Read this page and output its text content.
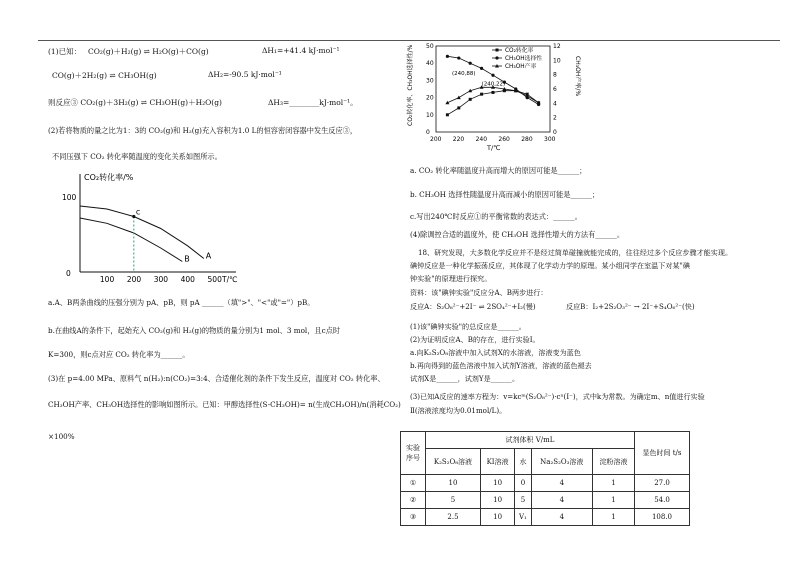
(1)已知： CO₂(g)＋H₂(g) ⇌ H₂O(g)＋CO(g)	ΔH₁=+41.4 kJ·mol⁻¹
CO(g)＋2H₂(g) ⇌ CH₃OH(g)	ΔH₂=-90.5 kJ·mol⁻¹
则反应③ CO₂(g)＋3H₂(g) ⇌ CH₃OH(g)＋H₂O(g)	ΔH₃=________kJ·mol⁻¹。
(2)若将物质的量之比为1：3的 CO₂(g)和 H₂(g)充入容积为1.0 L的恒容密闭容器中发生反应③，
不同压强下 CO₂ 转化率随温度的变化关系如图所示。
CO₂转化率/%
T/℃
0
100 200 300 400 500
100
A
B
c
a.A、B两条曲线的压强分别为 pA、pB，则 pA ______（填">"、"<"或"="）pB。
b.在曲线A的条件下，起始充入 CO₂(g)和 H₂(g)的物质的量分别为1 mol、3 mol，且c点时
K=300，则c点对应 CO₂ 转化率为______。
(3)在 p=4.00 MPa、原料气 n(H₂):n(CO₂)=3:4、合适催化剂的条件下发生反应，温度对 CO₂ 转化率、
CH₃OH产率、CH₃OH选择性的影响如图所示。已知：甲醇选择性(S-CH₃OH)= n(生成CH₃OH)/n(消耗CO₂)
×100%
200 220 240 260 280 300
0
10
20
30
40
50
0
2
4
6
8
10
12
T/℃
CO₂转化率、CH₃OH选择性/%	CH₃OH产率/%
CO₂转化率
CH₃OH选择性
CH₃OH产率
(240,88)
(240,22)
a. CO₂ 转化率随温度升高而增大的原因可能是______；
b. CH₃OH 选择性随温度升高而减小的原因可能是______；
c.写出240℃时反应①的平衡常数的表达式：______。
(4)除调控合适的温度外，使 CH₃OH 选择性增大的方法有______。
18、研究发现，大多数化学反应并不是经过简单碰撞就能完成的，往往经过多个反应步骤才能实现。
碘钟反应是一种化学振荡反应，其体现了化学动力学的原理。某小组同学在室温下对某"碘
钟实验"的原理进行探究。
资料：该"碘钟实验"反应分A、B两步进行：
反应A：S₂O₈²⁻+2I⁻ ⇌ 2SO₄²⁻+I₂(慢)	反应B：I₂+2S₂O₃²⁻ → 2I⁻+S₄O₆²⁻(快)
(1)该"碘钟实验"的总反应是______。
(2)为证明反应A、B的存在，进行实验Ⅰ。
a.向K₂S₂O₈溶液中加入试剂X的水溶液，溶液变为蓝色
b.再向得到的蓝色溶液中加入试剂Y溶液，溶液的蓝色褪去
试剂X是______，试剂Y是______。
(3)已知A反应的速率方程为：v=kcᵐ(S₂O₈²⁻)·cⁿ(I⁻)，式中k为常数。为确定m、n值进行实验
Ⅱ(溶液浓度均为0.01mol/L)。
实验序号	试剂体积 V/mL					显色时间 t/s
	K₂S₂O₈溶液	KI溶液	水	Na₂S₂O₃溶液	淀粉溶液	
①	10	10	0	4	1	27.0
②	5	10	5	4	1	54.0
③	2.5	10	V₁	4	1	108.0
